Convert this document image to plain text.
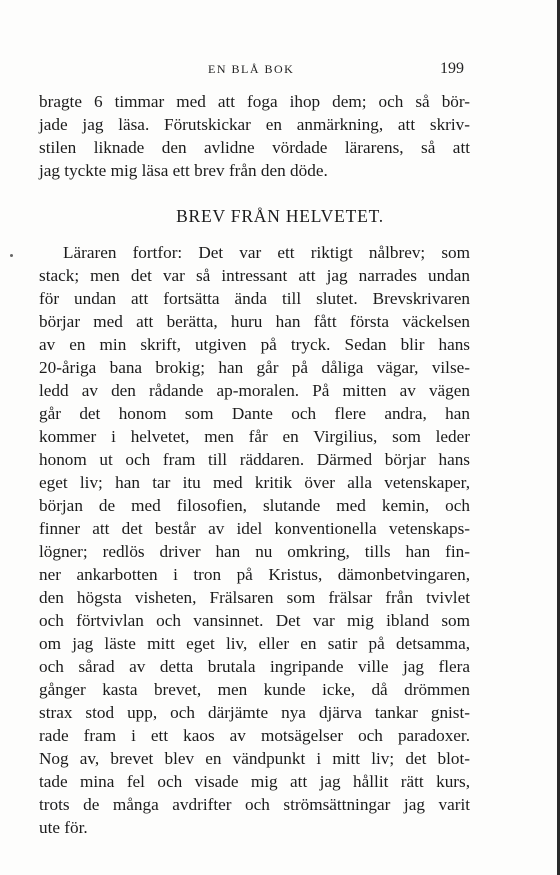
EN BLÅ BOK	199
bragte 6 timmar med att foga ihop dem; och så bör-
jade jag läsa. Förutskickar en anmärkning, att skriv-
stilen liknade den avlidne vördade lärarens, så att
jag tyckte mig läsa ett brev från den döde.
BREV FRÅN HELVETET.
Läraren fortfor: Det var ett riktigt nålbrev; som
stack; men det var så intressant att jag narrades undan
för undan att fortsätta ända till slutet. Brevskrivaren
börjar med att berätta, huru han fått första väckelsen
av en min skrift, utgiven på tryck. Sedan blir hans
20-åriga bana brokig; han går på dåliga vägar, vilse-
ledd av den rådande ap-moralen. På mitten av vägen
går det honom som Dante och flere andra, han
kommer i helvetet, men får en Virgilius, som leder
honom ut och fram till räddaren. Därmed börjar hans
eget liv; han tar itu med kritik över alla vetenskaper,
början de med filosofien, slutande med kemin, och
finner att det består av idel konventionella vetenskaps-
lögner; redlös driver han nu omkring, tills han fin-
ner ankarbotten i tron på Kristus, dämonbetvingaren,
den högsta visheten, Frälsaren som frälsar från tvivlet
och förtvivlan och vansinnet. Det var mig ibland som
om jag läste mitt eget liv, eller en satir på detsamma,
och sårad av detta brutala ingripande ville jag flera
gånger kasta brevet, men kunde icke, då drömmen
strax stod upp, och därjämte nya djärva tankar gnist-
rade fram i ett kaos av motsägelser och paradoxer.
Nog av, brevet blev en vändpunkt i mitt liv; det blot-
tade mina fel och visade mig att jag hållit rätt kurs,
trots de många avdrifter och strömsättningar jag varit
ute för.
